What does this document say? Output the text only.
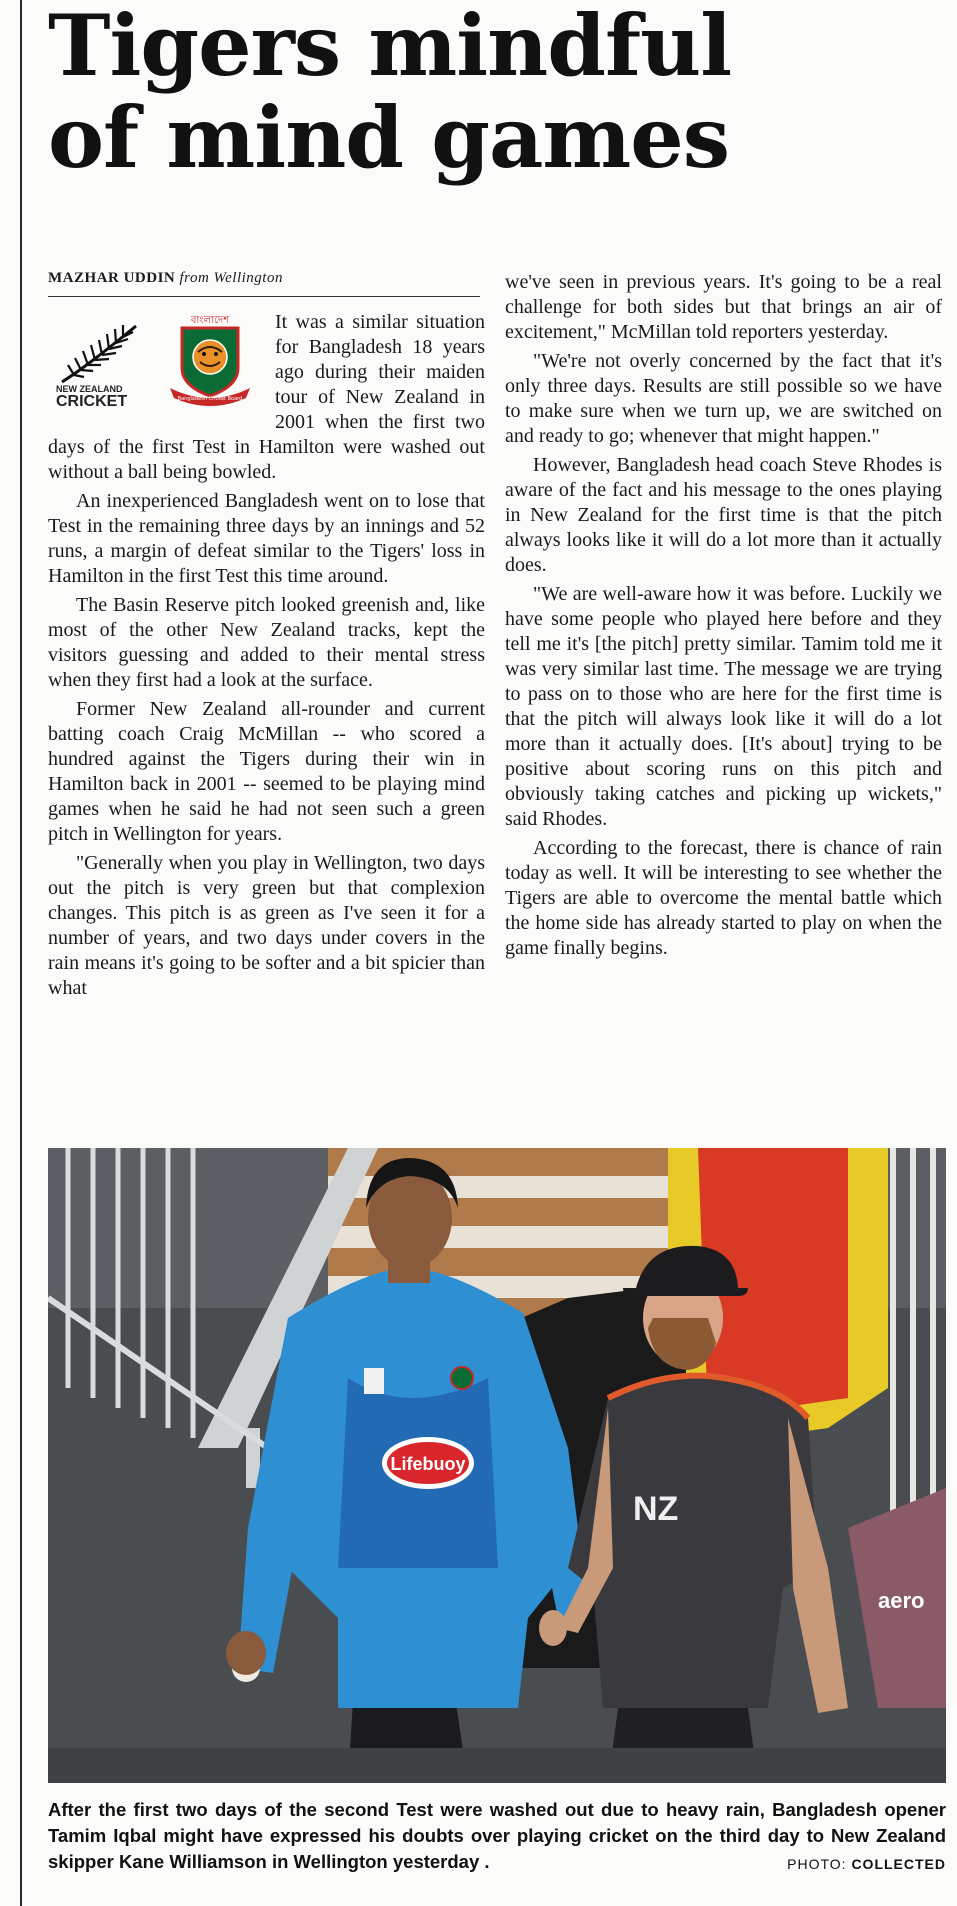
Tigers mindful
of mind games
MAZHAR UDDIN from Wellington
NEW ZEALAND
CRICKET
বাংলাদেশ
Bangladesh Cricket Board

It was a similar situation for Bangladesh 18 years ago during their maiden tour of New Zealand in 2001 when the first two days of the first Test in Hamilton were washed out without a ball being bowled.

An inexperienced Bangladesh went on to lose that Test in the remaining three days by an innings and 52 runs, a margin of defeat similar to the Tigers' loss in Hamilton in the first Test this time around.

The Basin Reserve pitch looked greenish and, like most of the other New Zealand tracks, kept the visitors guessing and added to their mental stress when they first had a look at the surface.

Former New Zealand all-rounder and current batting coach Craig McMillan -- who scored a hundred against the Tigers during their win in Hamilton back in 2001 -- seemed to be playing mind games when he said he had not seen such a green pitch in Wellington for years.

"Generally when you play in Wellington, two days out the pitch is very green but that complexion changes. This pitch is as green as I've seen it for a number of years, and two days under covers in the rain means it's going to be softer and a bit spicier than what

we've seen in previous years. It's going to be a real challenge for both sides but that brings an air of excitement," McMillan told reporters yesterday.

"We're not overly concerned by the fact that it's only three days. Results are still possible so we have to make sure when we turn up, we are switched on and ready to go; whenever that might happen."

However, Bangladesh head coach Steve Rhodes is aware of the fact and his message to the ones playing in New Zealand for the first time is that the pitch always looks like it will do a lot more than it actually does.

"We are well-aware how it was before. Luckily we have some people who played here before and they tell me it's [the pitch] pretty similar. Tamim told me it was very similar last time. The message we are trying to pass on to those who are here for the first time is that the pitch will always look like it will do a lot more than it actually does. [It's about] trying to be positive about scoring runs on this pitch and obviously taking catches and picking up wickets," said Rhodes.

According to the forecast, there is chance of rain today as well. It will be interesting to see whether the Tigers are able to overcome the mental battle which the home side has already started to play on when the game finally begins.

aero
Lifebuoy
NZ
After the first two days of the second Test were washed out due to heavy rain, Bangladesh opener Tamim Iqbal might have expressed his doubts over playing cricket on the third day to New Zealand skipper Kane Williamson in Wellington yesterday .	PHOTO: COLLECTED
